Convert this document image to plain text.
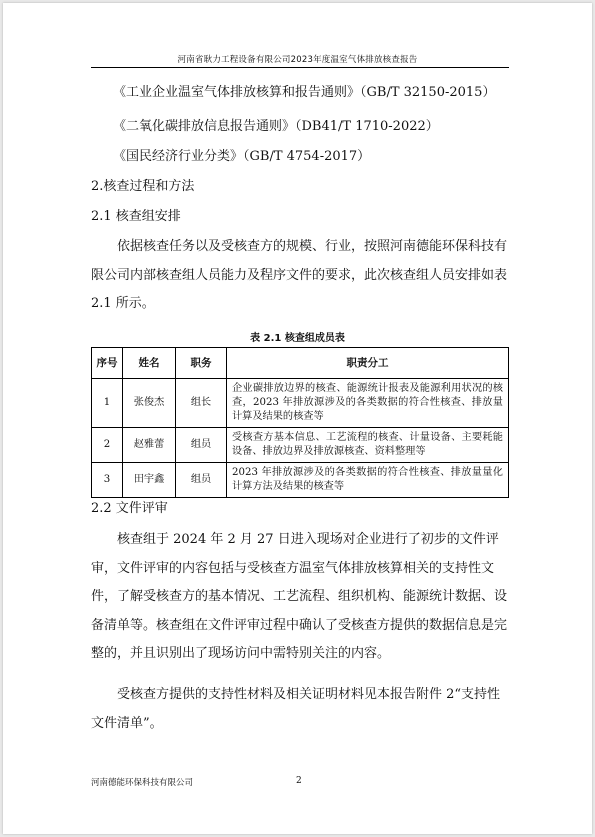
河南省耿力工程设备有限公司2023年度温室气体排放核查报告
《工业企业温室气体排放核算和报告通则》（GB/T 32150-2015）
《二氧化碳排放信息报告通则》（DB41/T 1710-2022）
《国民经济行业分类》（GB/T 4754-2017）
2.核查过程和方法
2.1 核查组安排
依据核查任务以及受核查方的规模、行业，按照河南德能环保科技有限公司内部核查组人员能力及程序文件的要求，此次核查组人员安排如表 2.1 所示。
表 2.1 核查组成员表
序号	姓名	职务	职责分工
1	张俊杰	组长	企业碳排放边界的核查、能源统计报表及能源利用状况的核查，2023 年排放源涉及的各类数据的符合性核查、排放量计算及结果的核查等
2	赵雅蕾	组员	受核查方基本信息、工艺流程的核查、计量设备、主要耗能设备、排放边界及排放源核查、资料整理等
3	田宇鑫	组员	2023 年排放源涉及的各类数据的符合性核查、排放量量化计算方法及结果的核查等
2.2 文件评审
核查组于 2024 年 2 月 27 日进入现场对企业进行了初步的文件评审，文件评审的内容包括与受核查方温室气体排放核算相关的支持性文件，了解受核查方的基本情况、工艺流程、组织机构、能源统计数据、设备清单等。核查组在文件评审过程中确认了受核查方提供的数据信息是完整的，并且识别出了现场访问中需特别关注的内容。
受核查方提供的支持性材料及相关证明材料见本报告附件 2“支持性文件清单”。
河南德能环保科技有限公司	2
